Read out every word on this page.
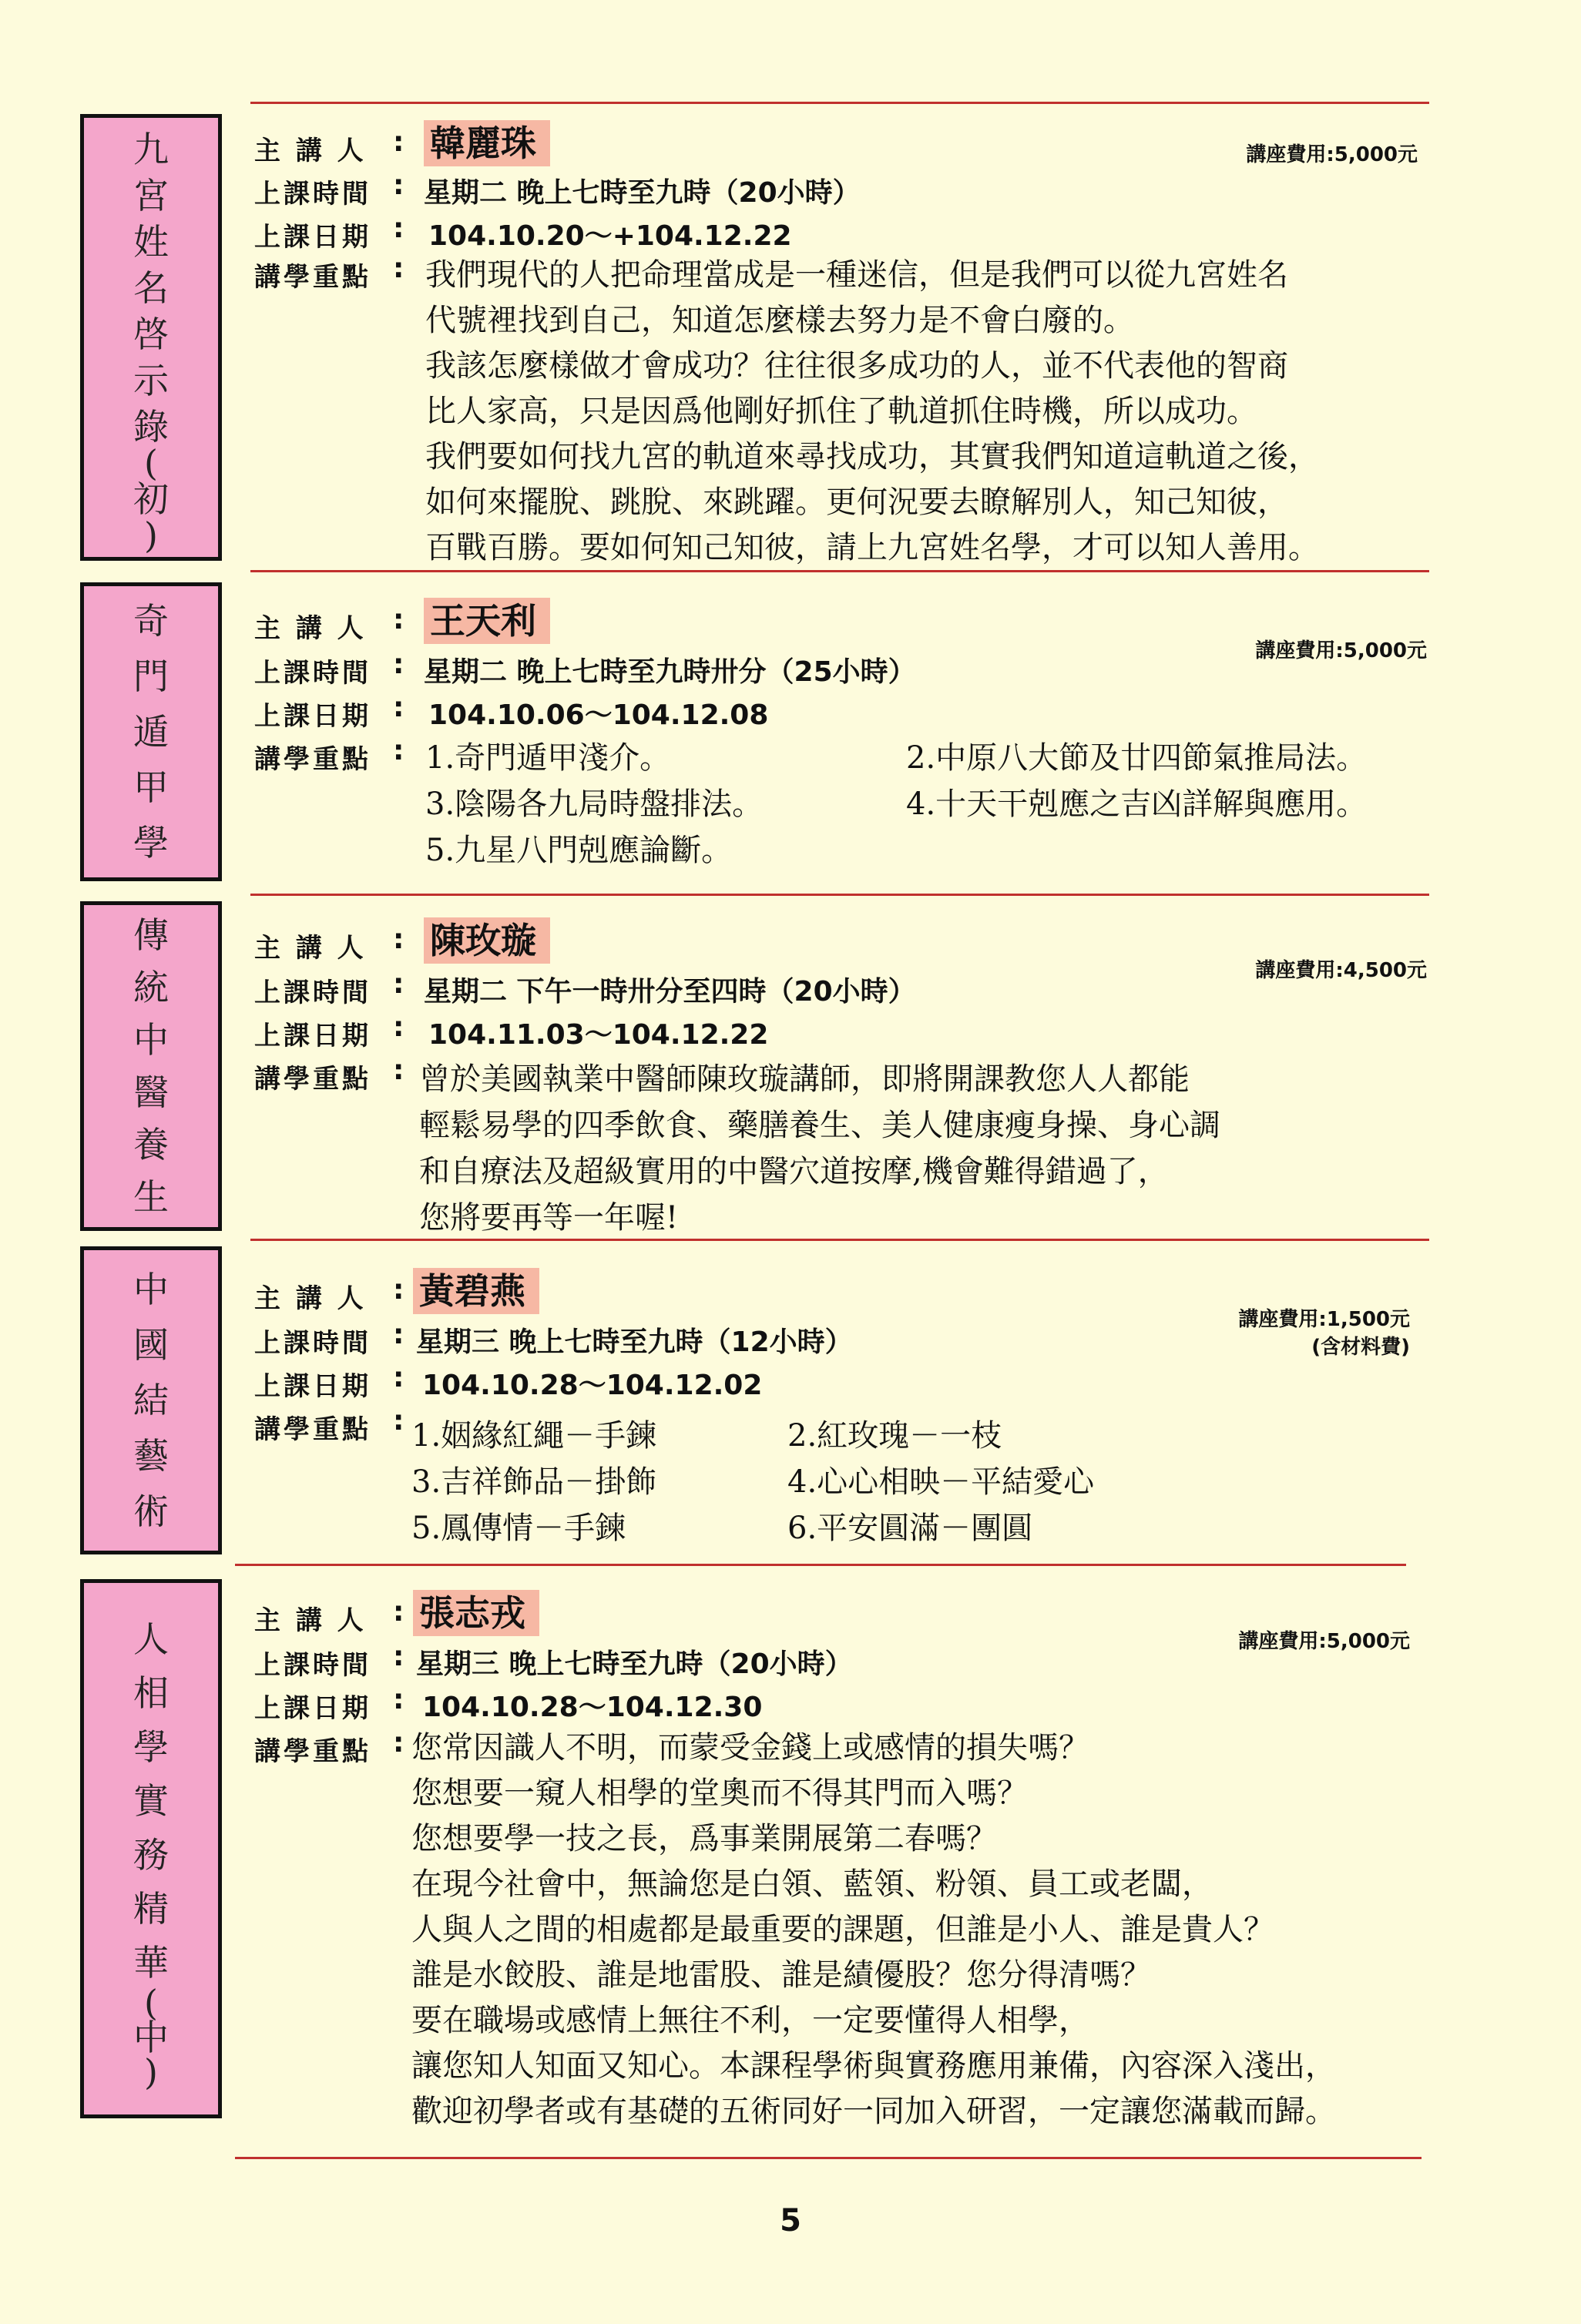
九
宮
姓
名
啓
示
錄
(
初
)
主 講 人 : 韓麗珠	講座費用:5,000元
上課時間 : 星期二 晚上七時至九時（20小時）
上課日期 : 104.10.20～+104.12.22
講學重點 : 我們現代的人把命理當成是一種迷信，但是我們可以從九宮姓名
代號裡找到自己，知道怎麼樣去努力是不會白廢的。
我該怎麼樣做才會成功？往往很多成功的人，並不代表他的智商
比人家高，只是因爲他剛好抓住了軌道抓住時機，所以成功。
我們要如何找九宮的軌道來尋找成功，其實我們知道這軌道之後，
如何來擺脫、跳脫、來跳躍。更何況要去瞭解別人，知己知彼，
百戰百勝。要如何知己知彼，請上九宮姓名學，才可以知人善用。
奇
門
遁
甲
學
主 講 人 : 王天利
講座費用:5,000元
上課時間 : 星期二 晚上七時至九時卅分（25小時）
上課日期 : 104.10.06～104.12.08
講學重點 : 1.奇門遁甲淺介。	2.中原八大節及廿四節氣推局法。
3.陰陽各九局時盤排法。	4.十天干剋應之吉凶詳解與應用。
5.九星八門剋應論斷。
傳
統
中
醫
養
生
主 講 人 : 陳玫璇
講座費用:4,500元
上課時間 : 星期二 下午一時卅分至四時（20小時）
上課日期 : 104.11.03～104.12.22
講學重點 : 曾於美國執業中醫師陳玫璇講師，即將開課教您人人都能
輕鬆易學的四季飲食、藥膳養生、美人健康瘦身操、身心調
和自療法及超級實用的中醫穴道按摩,機會難得錯過了，
您將要再等一年喔!
中
國
結
藝
術
主 講 人 : 黃碧燕
講座費用:1,500元
(含材料費)
上課時間 : 星期三 晚上七時至九時（12小時）
上課日期 : 104.10.28～104.12.02
講學重點 : 1.姻緣紅繩－手鍊	2.紅玫瑰－一枝
3.吉祥飾品－掛飾	4.心心相映－平結愛心
5.鳳傳情－手鍊	6.平安圓滿－團圓
人
相
學
實
務
精
華
(
中
)
主 講 人 : 張志戎
講座費用:5,000元
上課時間 : 星期三 晚上七時至九時（20小時）
上課日期 : 104.10.28～104.12.30
講學重點 : 您常因識人不明，而蒙受金錢上或感情的損失嗎？
您想要一窺人相學的堂奧而不得其門而入嗎？
您想要學一技之長，爲事業開展第二春嗎？
在現今社會中，無論您是白領、藍領、粉領、員工或老闆，
人與人之間的相處都是最重要的課題，但誰是小人、誰是貴人？
誰是水餃股、誰是地雷股、誰是績優股？您分得清嗎？
要在職場或感情上無往不利，一定要懂得人相學，
讓您知人知面又知心。本課程學術與實務應用兼備，內容深入淺出，
歡迎初學者或有基礎的五術同好一同加入研習，一定讓您滿載而歸。
5
